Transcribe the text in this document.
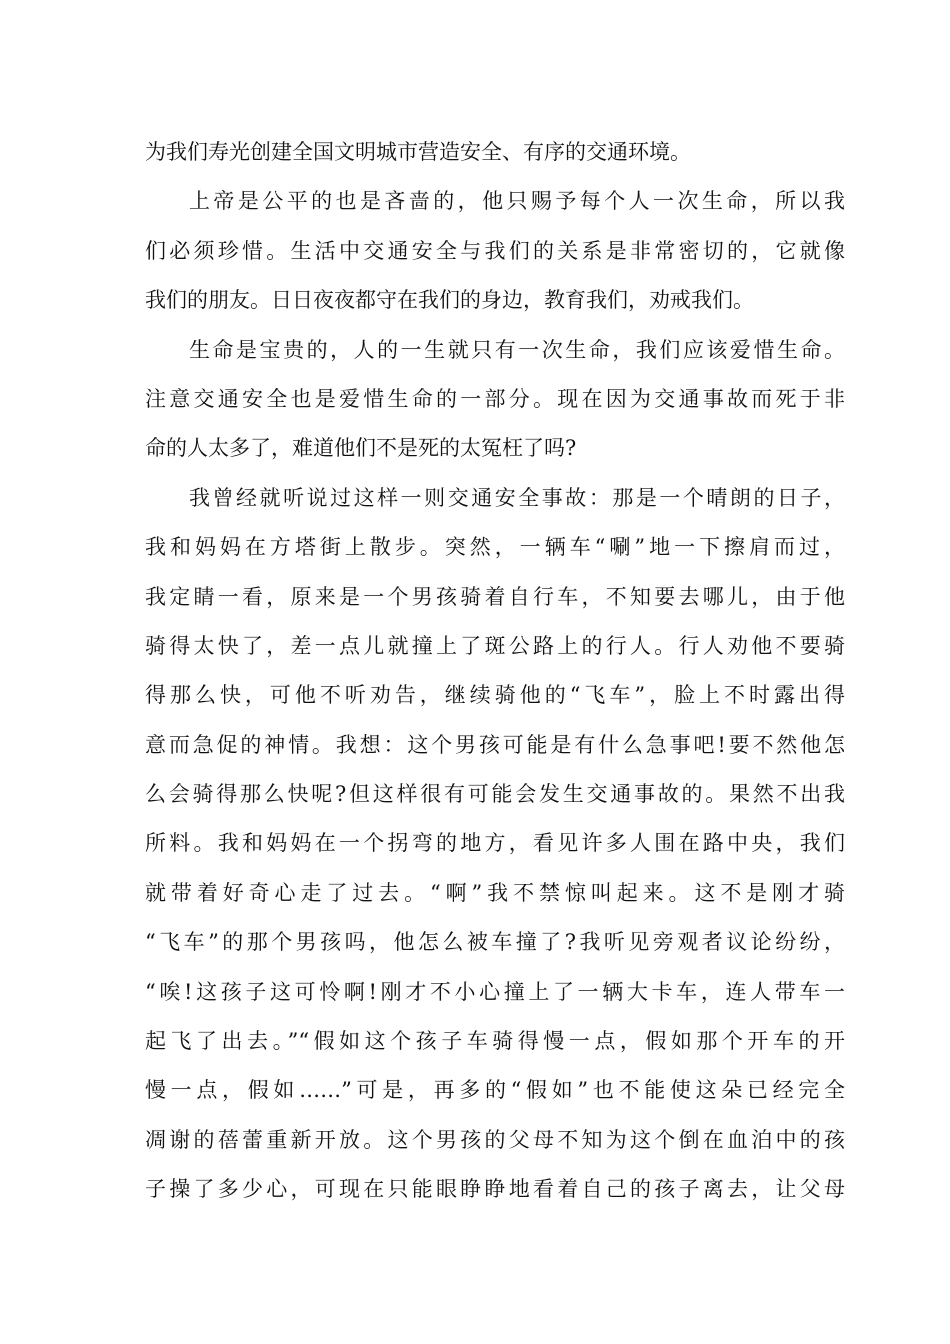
为我们寿光创建全国文明城市营造安全、有序的交通环境。
上帝是公平的也是吝啬的，他只赐予每个人一次生命，所以我
们必须珍惜。生活中交通安全与我们的关系是非常密切的，它就像
我们的朋友。日日夜夜都守在我们的身边，教育我们，劝戒我们。
生命是宝贵的，人的一生就只有一次生命，我们应该爱惜生命。
注意交通安全也是爱惜生命的一部分。现在因为交通事故而死于非
命的人太多了，难道他们不是死的太冤枉了吗?
我曾经就听说过这样一则交通安全事故：那是一个晴朗的日子，
我和妈妈在方塔街上散步。突然，一辆车“唰”地一下擦肩而过，
我定睛一看，原来是一个男孩骑着自行车，不知要去哪儿，由于他
骑得太快了，差一点儿就撞上了斑公路上的行人。行人劝他不要骑
得那么快，可他不听劝告，继续骑他的“飞车”，脸上不时露出得
意而急促的神情。我想：这个男孩可能是有什么急事吧!要不然他怎
么会骑得那么快呢?但这样很有可能会发生交通事故的。果然不出我
所料。我和妈妈在一个拐弯的地方，看见许多人围在路中央，我们
就带着好奇心走了过去。“啊”我不禁惊叫起来。这不是刚才骑
“飞车”的那个男孩吗，他怎么被车撞了?我听见旁观者议论纷纷，
“唉!这孩子这可怜啊!刚才不小心撞上了一辆大卡车，连人带车一
起飞了出去。”“假如这个孩子车骑得慢一点，假如那个开车的开
慢一点，假如……”可是，再多的“假如”也不能使这朵已经完全
凋谢的蓓蕾重新开放。这个男孩的父母不知为这个倒在血泊中的孩
子操了多少心，可现在只能眼睁睁地看着自己的孩子离去，让父母
